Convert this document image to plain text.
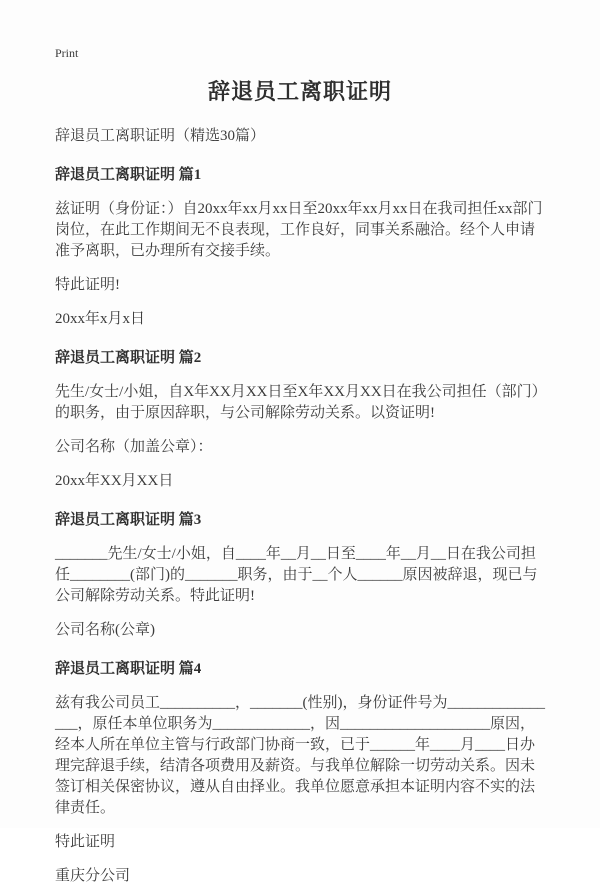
Print
辞退员工离职证明

辞退员工离职证明（精选30篇）

辞退员工离职证明 篇1

兹证明（身份证：）自20xx年xx月xx日至20xx年xx月xx日在我司担任xx部门岗位，在此工作期间无不良表现，工作良好，同事关系融洽。经个人申请准予离职，已办理所有交接手续。

特此证明!

20xx年x月x日

辞退员工离职证明 篇2

先生/女士/小姐，自X年XX月XX日至X年XX月XX日在我公司担任（部门）的职务，由于原因辞职，与公司解除劳动关系。以资证明!

公司名称（加盖公章）：

20xx年XX月XX日

辞退员工离职证明 篇3

_______先生/女士/小姐，自____年__月__日至____年__月__日在我公司担任________(部门)的_______职务，由于__个人______原因被辞退，现已与公司解除劳动关系。特此证明!

公司名称(公章)

辞退员工离职证明 篇4

兹有我公司员工__________，_______(性别)，身份证件号为________________，原任本单位职务为_____________，因____________________原因，经本人所在单位主管与行政部门协商一致，已于______年____月____日办理完辞退手续，结清各项费用及薪资。与我单位解除一切劳动关系。因未签订相关保密协议，遵从自由择业。我单位愿意承担本证明内容不实的法律责任。

特此证明

重庆分公司
